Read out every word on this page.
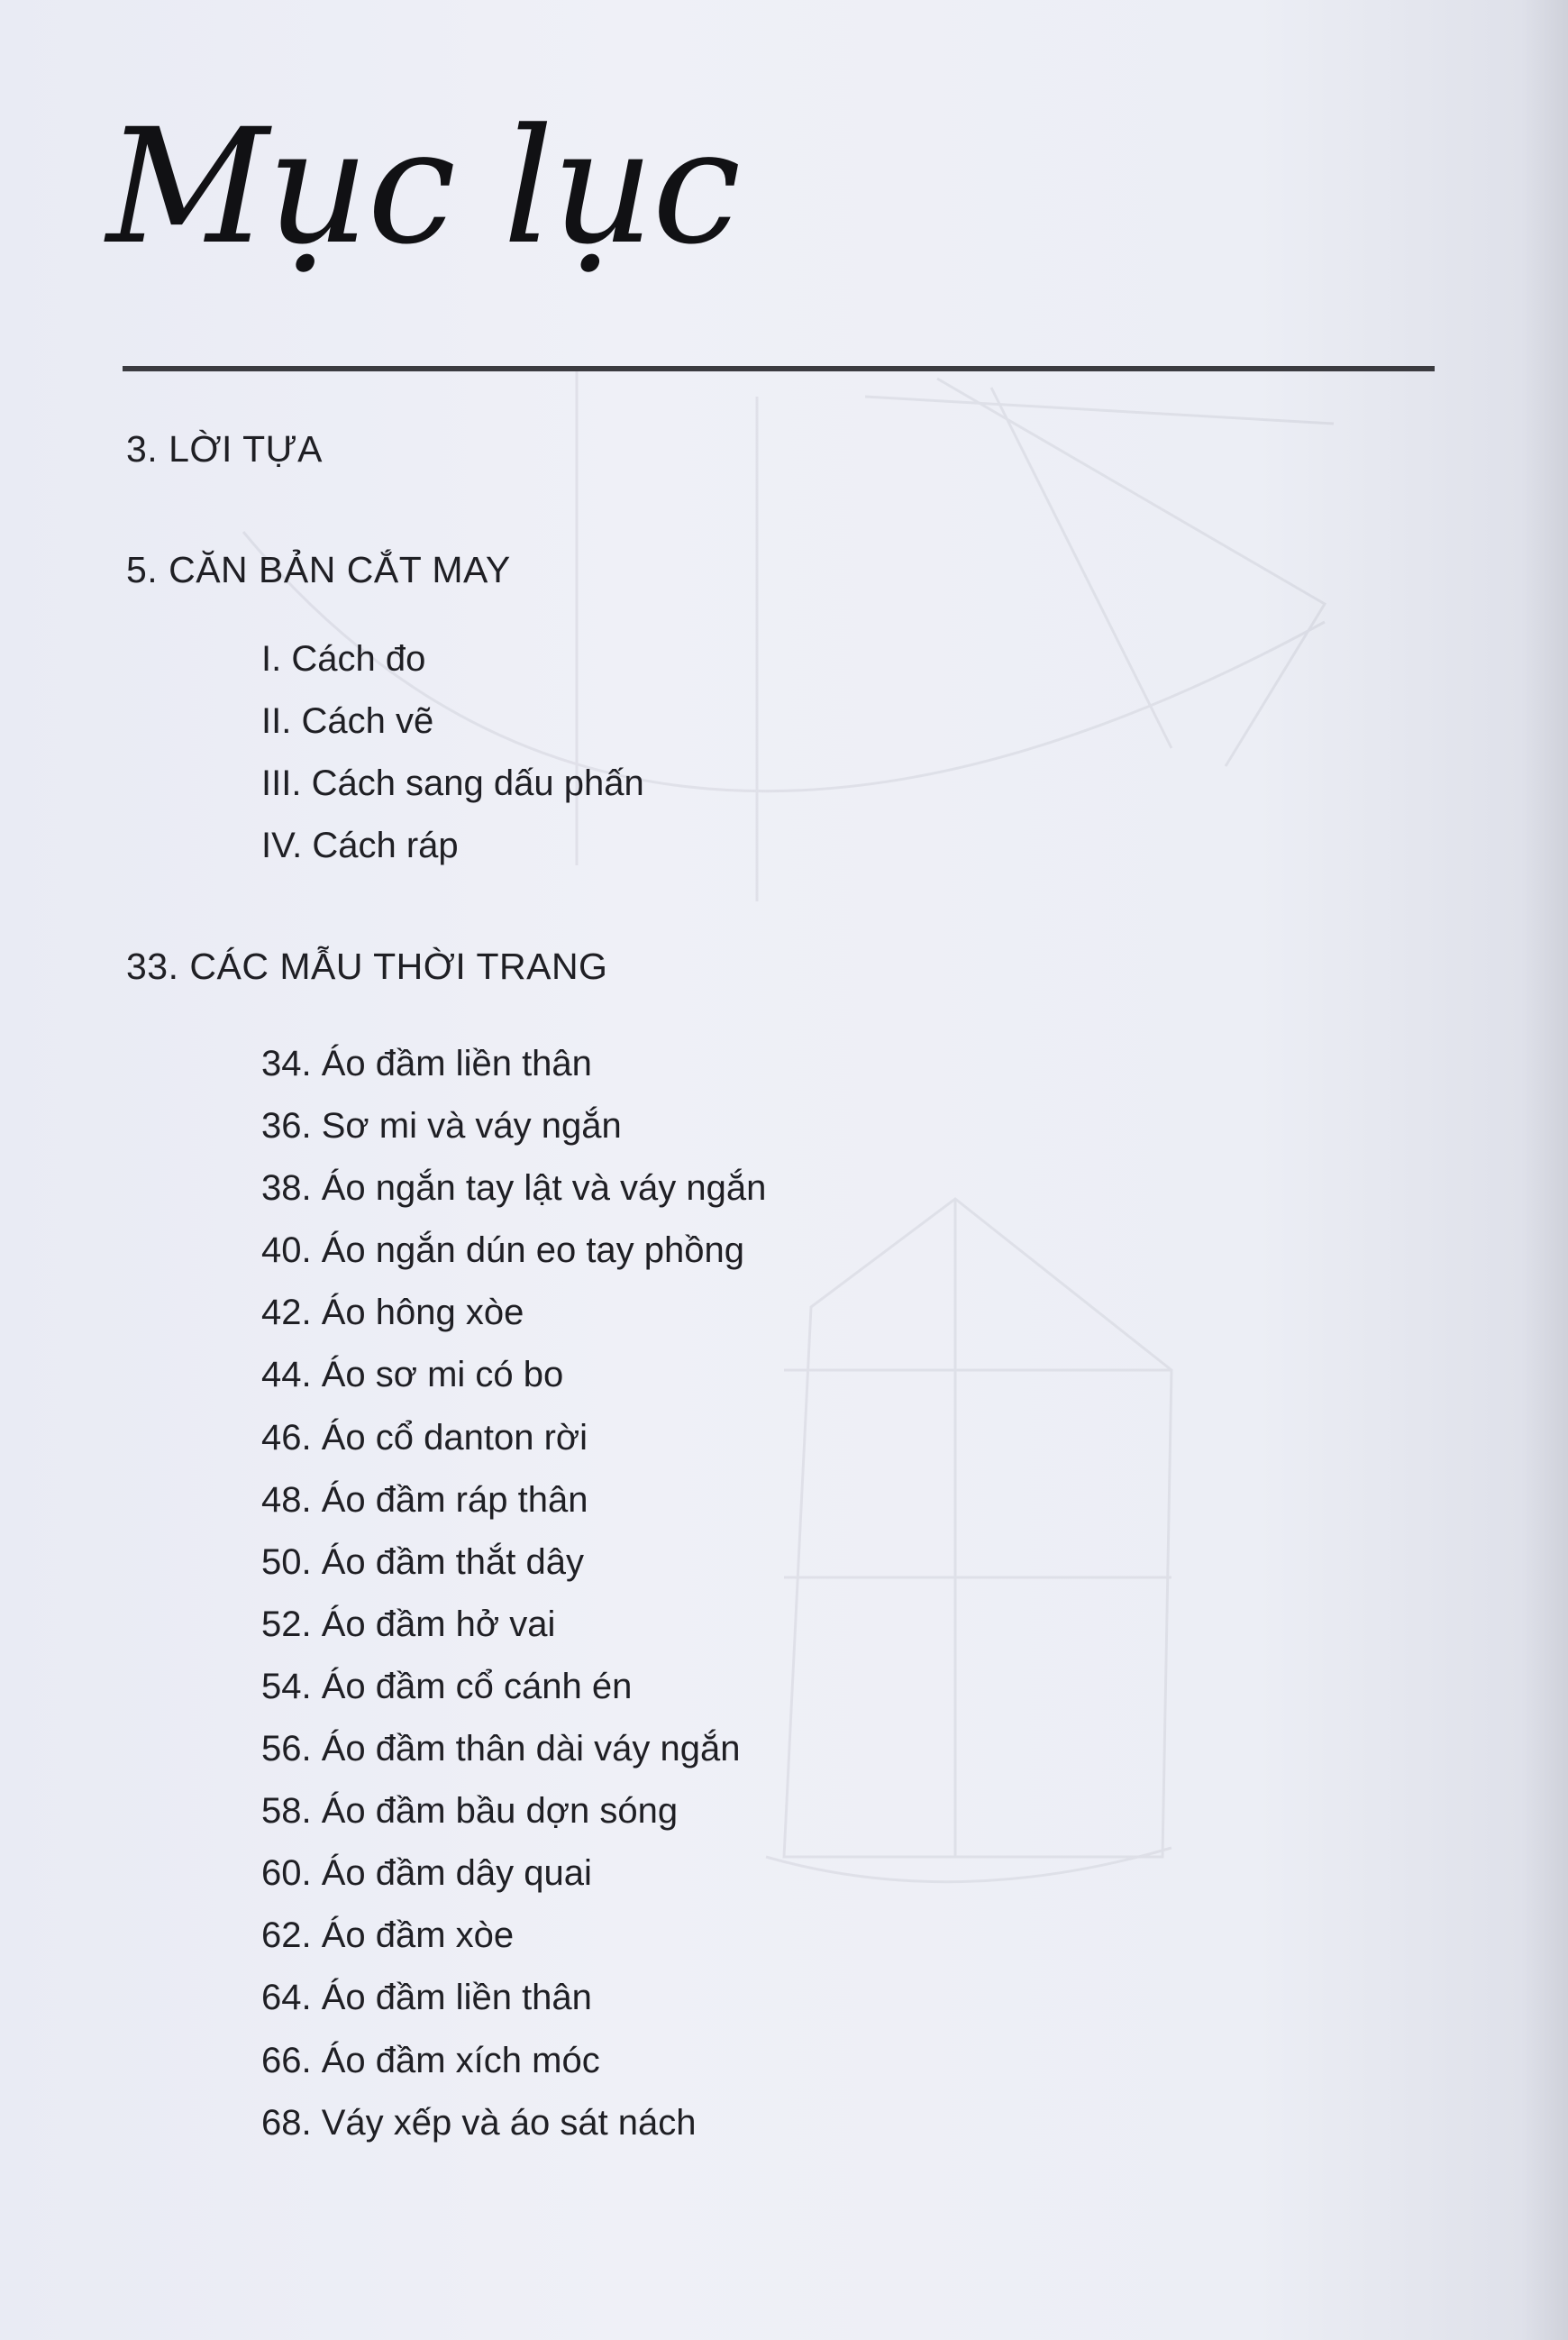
Mục lục
3. LỜI TỰA
5. CĂN BẢN CẮT MAY
I. Cách đo
II. Cách vẽ
III. Cách sang dấu phấn
IV. Cách ráp
33. CÁC MẪU THỜI TRANG
34. Áo đầm liền thân
36. Sơ mi và váy ngắn
38. Áo ngắn tay lật và váy ngắn
40. Áo ngắn dún eo tay phồng
42. Áo hông xòe
44. Áo sơ mi có bo
46. Áo cổ danton rời
48. Áo đầm ráp thân
50. Áo đầm thắt dây
52. Áo đầm hở vai
54. Áo đầm cổ cánh én
56. Áo đầm thân dài váy ngắn
58. Áo đầm bầu dợn sóng
60. Áo đầm dây quai
62. Áo đầm xòe
64. Áo đầm liền thân
66. Áo đầm xích móc
68. Váy xếp và áo sát nách
